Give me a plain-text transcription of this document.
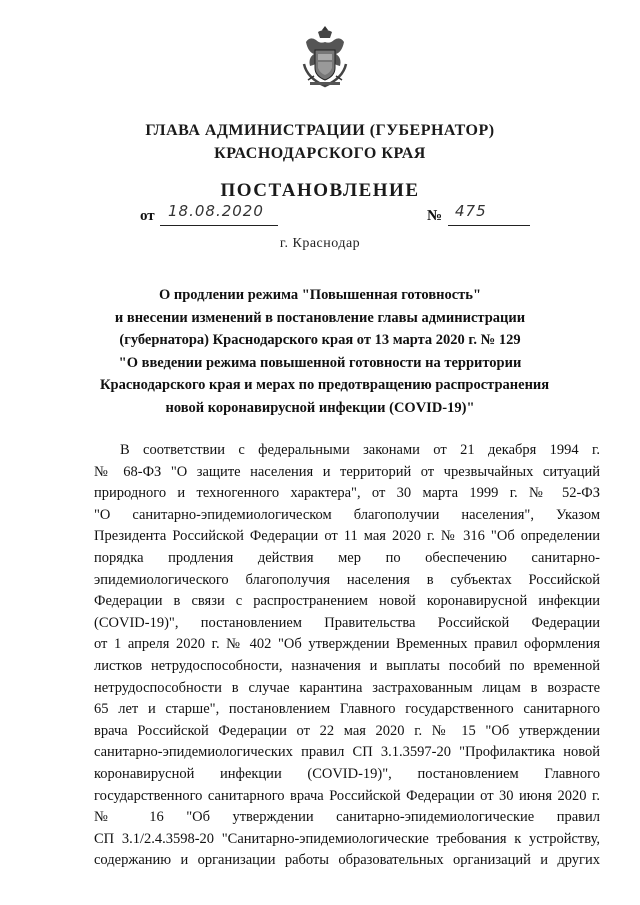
ГЛАВА АДМИНИСТРАЦИИ (ГУБЕРНАТОР)
КРАСНОДАРСКОГО КРАЯ
ПОСТАНОВЛЕНИЕ
от 18.08.2020	№ 475
г. Краснодар
О продлении режима "Повышенная готовность"
и внесении изменений в постановление главы администрации
(губернатора) Краснодарского края от 13 марта 2020 г. № 129
"О введении режима повышенной готовности на территории
Краснодарского края и мерах по предотвращению распространения
новой коронавирусной инфекции (COVID-19)"
В соответствии с федеральными законами от 21 декабря 1994 г.
№ 68-ФЗ "О защите населения и территорий от чрезвычайных ситуаций
природного и техногенного характера", от 30 марта 1999 г. № 52-ФЗ
"О санитарно-эпидемиологическом благополучии населения", Указом
Президента Российской Федерации от 11 мая 2020 г. № 316 "Об определении
порядка продления действия мер по обеспечению санитарно-
эпидемиологического благополучия населения в субъектах Российской
Федерации в связи с распространением новой коронавирусной инфекции
(COVID-19)", постановлением Правительства Российской Федерации
от 1 апреля 2020 г. № 402 "Об утверждении Временных правил оформления
листков нетрудоспособности, назначения и выплаты пособий по временной
нетрудоспособности в случае карантина застрахованным лицам в возрасте
65 лет и старше", постановлением Главного государственного санитарного
врача Российской Федерации от 22 мая 2020 г. № 15 "Об утверждении
санитарно-эпидемиологических правил СП 3.1.3597-20 "Профилактика новой
коронавирусной инфекции (COVID-19)", постановлением Главного
государственного санитарного врача Российской Федерации от 30 июня 2020 г.
№ 16 "Об утверждении санитарно-эпидемиологические правил
СП 3.1/2.4.3598-20 "Санитарно-эпидемиологические требования к устройству,
содержанию и организации работы образовательных организаций и других
